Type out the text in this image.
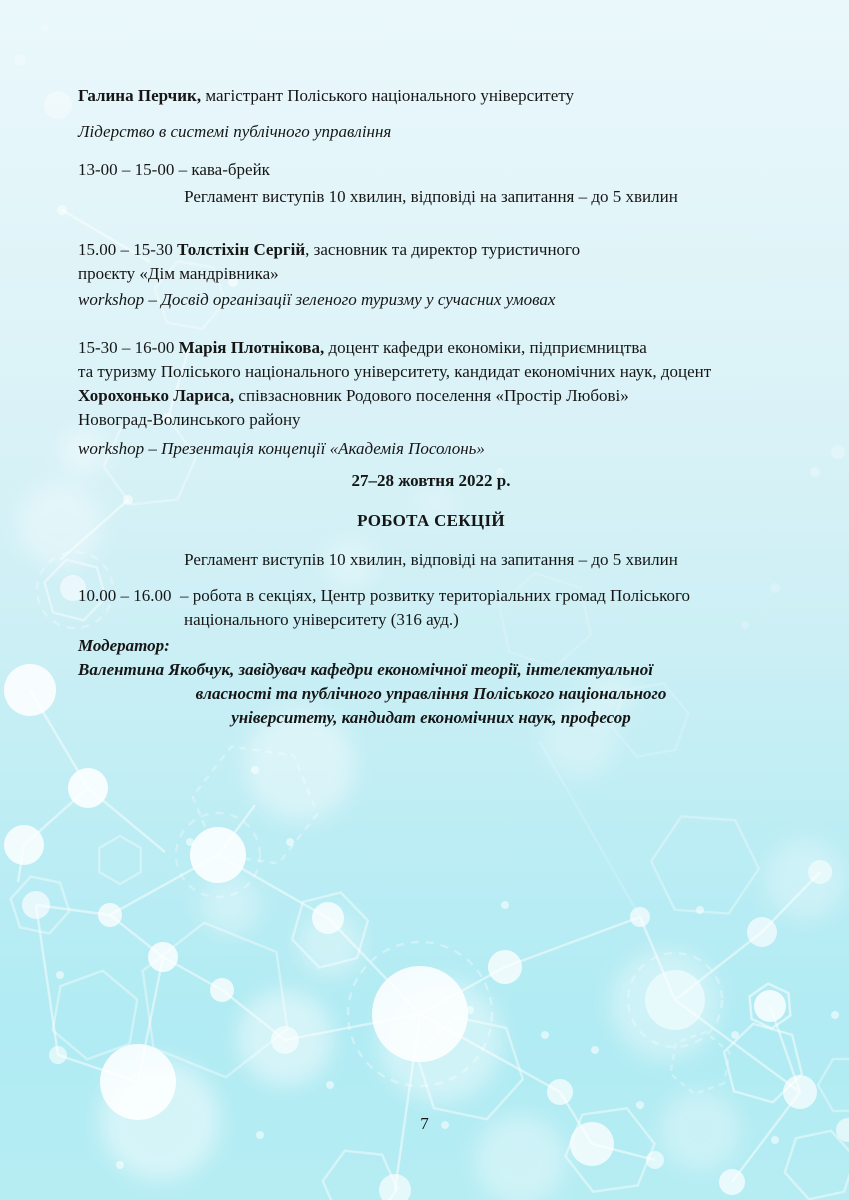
Галина Перчик, магістрант Поліського національного університету
Лідерство в системі публічного управління
13-00 – 15-00 – кава-брейк
Регламент виступів 10 хвилин, відповіді на запитання – до 5 хвилин
15.00 – 15-30 Толстіхін Сергій, засновник та директор туристичного
проєкту «Дім мандрівника»
workshop – Досвід організації зеленого туризму у сучасних умовах
15-30 – 16-00 Марія Плотнікова, доцент кафедри економіки, підприємництва
та туризму Поліського національного університету, кандидат економічних наук, доцент
Хорохонько Лариса, співзасновник Родового поселення «Простір Любові»
Новоград-Волинського району
workshop – Презентація концепції «Академія Посолонь»
27–28 жовтня 2022 р.
РОБОТА СЕКЦІЙ
Регламент виступів 10 хвилин, відповіді на запитання – до 5 хвилин
10.00 – 16.00  – робота в секціях, Центр розвитку територіальних громад Поліського
національного університету (316 ауд.)
Модератор:
Валентина Якобчук, завідувач кафедри економічної теорії, інтелектуальної
власності та публічного управління Поліського національного
університету, кандидат економічних наук, професор
7
